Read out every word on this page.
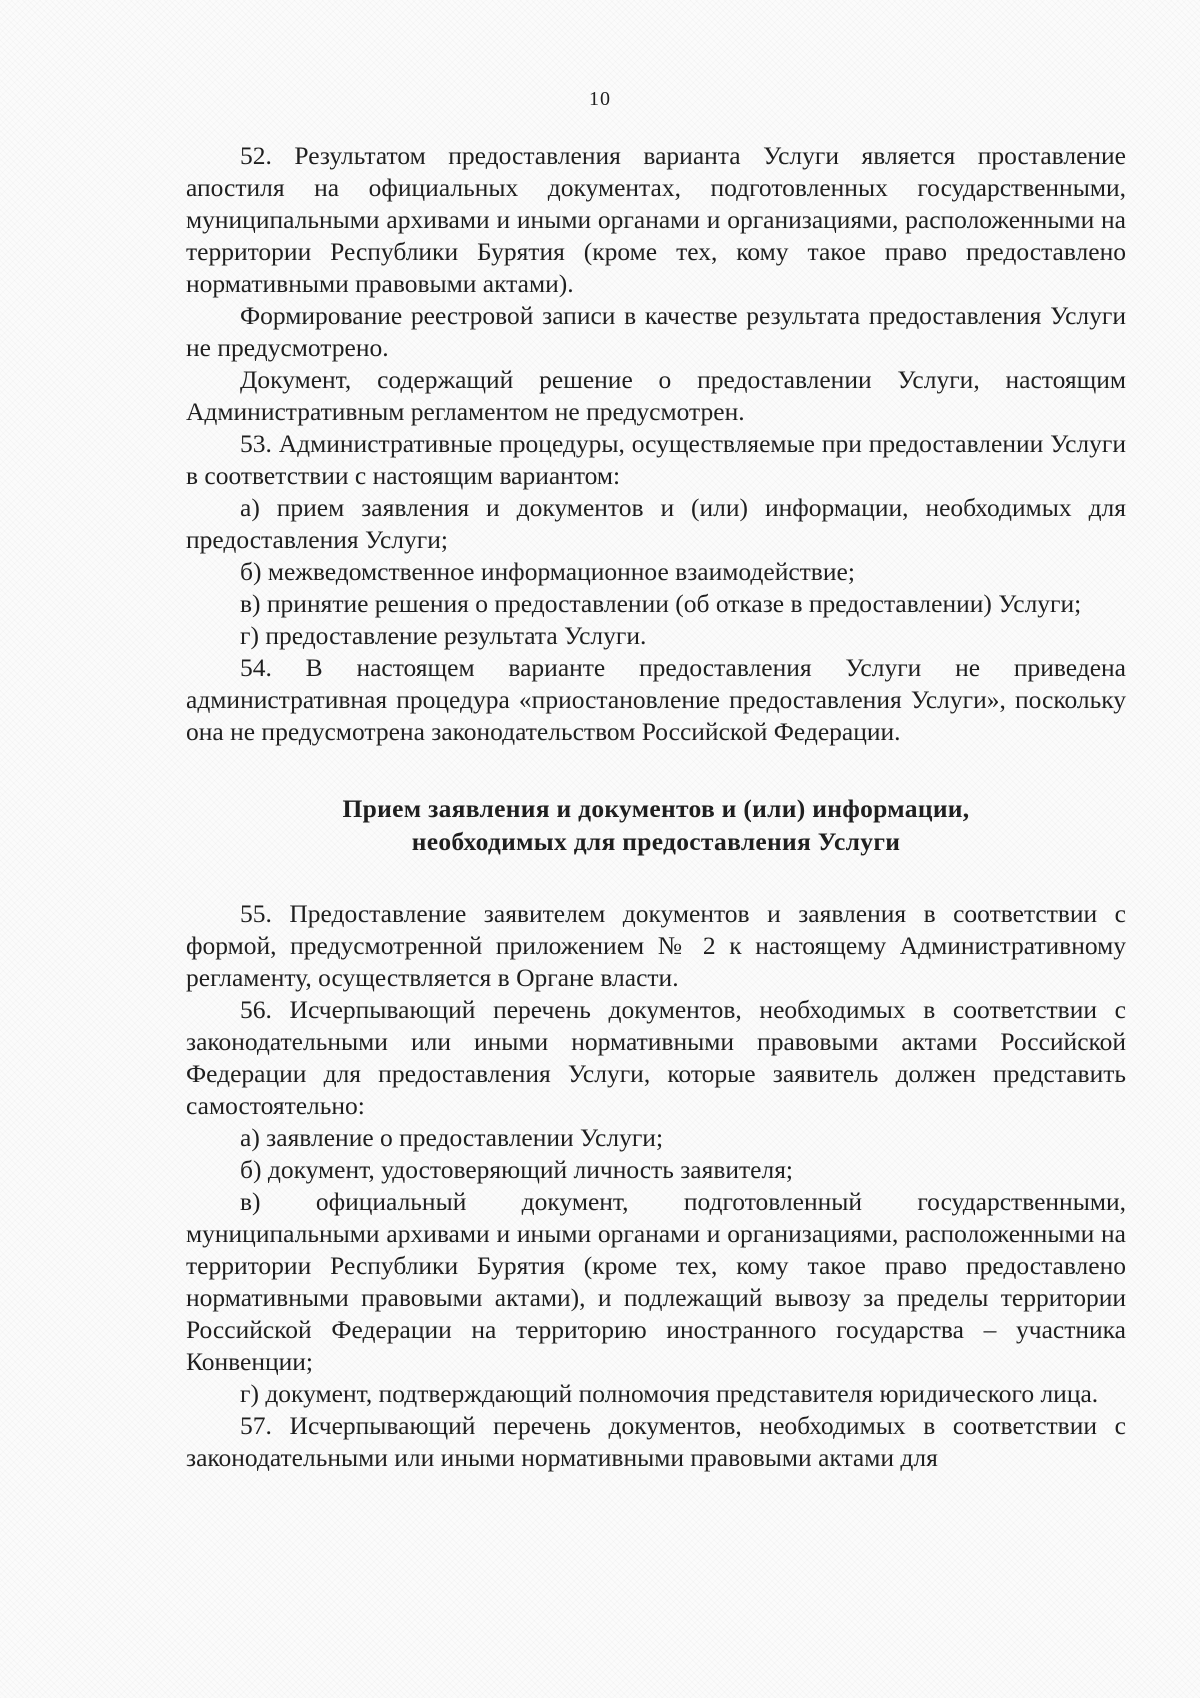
10

52. Результатом предоставления варианта Услуги является проставление апостиля на официальных документах, подготовленных государственными, муниципальными архивами и иными органами и организациями, расположенными на территории Республики Бурятия (кроме тех, кому такое право предоставлено нормативными правовыми актами).

Формирование реестровой записи в качестве результата предоставления Услуги не предусмотрено.

Документ, содержащий решение о предоставлении Услуги, настоящим Административным регламентом не предусмотрен.

53. Административные процедуры, осуществляемые при предоставлении Услуги в соответствии с настоящим вариантом:

а) прием заявления и документов и (или) информации, необходимых для предоставления Услуги;

б) межведомственное информационное взаимодействие;

в) принятие решения о предоставлении (об отказе в предоставлении) Услуги;

г) предоставление результата Услуги.

54. В настоящем варианте предоставления Услуги не приведена административная процедура «приостановление предоставления Услуги», поскольку она не предусмотрена законодательством Российской Федерации.

Прием заявления и документов и (или) информации,
необходимых для предоставления Услуги

55. Предоставление заявителем документов и заявления в соответствии с формой, предусмотренной приложением № 2 к настоящему Административному регламенту, осуществляется в Органе власти.

56. Исчерпывающий перечень документов, необходимых в соответствии с законодательными или иными нормативными правовыми актами Российской Федерации для предоставления Услуги, которые заявитель должен представить самостоятельно:

а) заявление о предоставлении Услуги;

б) документ, удостоверяющий личность заявителя;

в) официальный документ, подготовленный государственными, муниципальными архивами и иными органами и организациями, расположенными на территории Республики Бурятия (кроме тех, кому такое право предоставлено нормативными правовыми актами), и подлежащий вывозу за пределы территории Российской Федерации на территорию иностранного государства – участника Конвенции;

г) документ, подтверждающий полномочия представителя юридического лица.

57. Исчерпывающий перечень документов, необходимых в соответствии с законодательными или иными нормативными правовыми актами для
